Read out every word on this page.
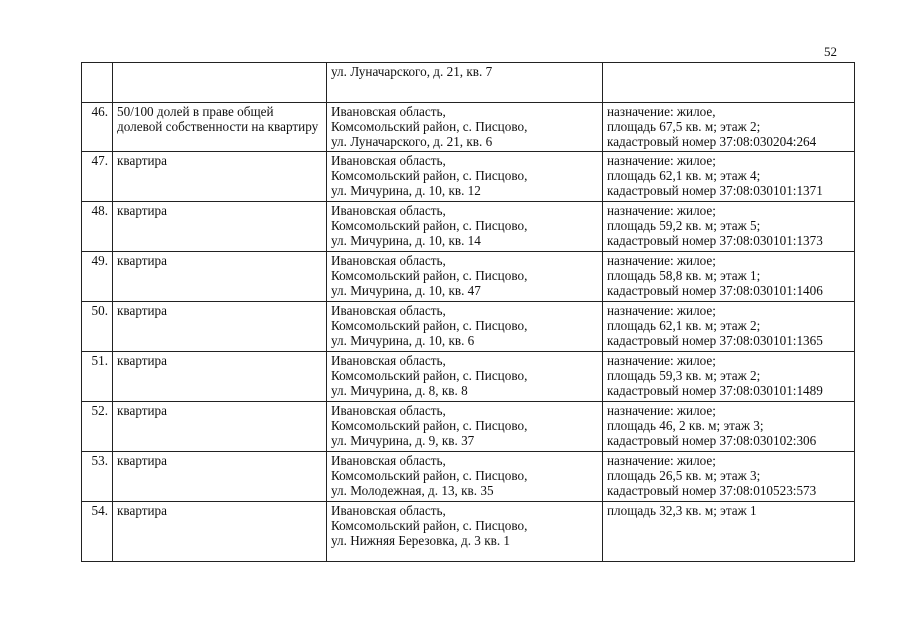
52

		ул. Луначарского, д. 21, кв. 7	

46.	50/100 долей в праве общей долевой собственности на квартиру	Ивановская область,
Комсомольский район, с. Писцово,
ул. Луначарского, д. 21, кв. 6	назначение: жилое,
площадь 67,5 кв. м; этаж 2;
кадастровый номер 37:08:030204:264

47.	квартира	Ивановская область,
Комсомольский район, с. Писцово,
ул. Мичурина, д. 10, кв. 12	назначение: жилое;
площадь 62,1 кв. м; этаж 4;
кадастровый номер 37:08:030101:1371

48.	квартира	Ивановская область,
Комсомольский район, с. Писцово,
ул. Мичурина, д. 10, кв. 14	назначение: жилое;
площадь 59,2 кв. м; этаж 5;
кадастровый номер 37:08:030101:1373

49.	квартира	Ивановская область,
Комсомольский район, с. Писцово,
ул. Мичурина, д. 10, кв. 47	назначение: жилое;
площадь 58,8 кв. м; этаж 1;
кадастровый номер 37:08:030101:1406

50.	квартира	Ивановская область,
Комсомольский район, с. Писцово,
ул. Мичурина, д. 10, кв. 6	назначение: жилое;
площадь 62,1 кв. м; этаж 2;
кадастровый номер 37:08:030101:1365

51.	квартира	Ивановская область,
Комсомольский район, с. Писцово,
ул. Мичурина, д. 8, кв. 8	назначение: жилое;
площадь 59,3 кв. м; этаж 2;
кадастровый номер 37:08:030101:1489

52.	квартира	Ивановская область,
Комсомольский район, с. Писцово,
ул. Мичурина, д. 9, кв. 37	назначение: жилое;
площадь 46, 2 кв. м; этаж 3;
кадастровый номер 37:08:030102:306

53.	квартира	Ивановская область,
Комсомольский район, с. Писцово,
ул. Молодежная, д. 13, кв. 35	назначение: жилое;
площадь 26,5 кв. м; этаж 3;
кадастровый номер 37:08:010523:573

54.	квартира	Ивановская область,
Комсомольский район, с. Писцово,
ул. Нижняя Березовка, д. 3 кв. 1	площадь 32,3 кв. м; этаж 1
